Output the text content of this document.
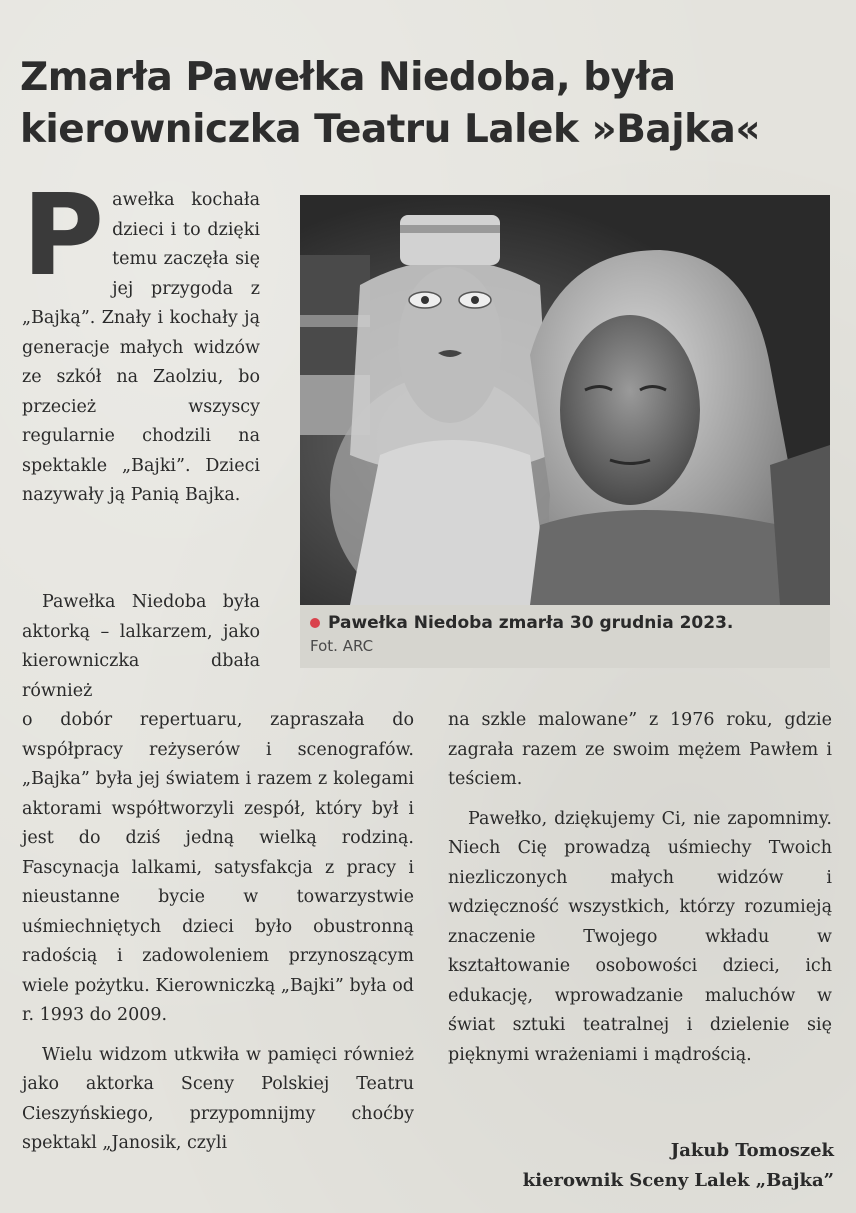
Zmarła Pawełka Niedoba, była
kierowniczka Teatru Lalek »Bajka«

Pawełka kochała dzieci i to dzięki temu zaczęła się jej przygoda z „Bajką”. Znały i kochały ją generacje małych widzów ze szkół na Zaolziu, bo przecież wszyscy regularnie chodzili na spektakle „Bajki”. Dzieci nazywały ją Panią Bajka.

Pawełka Niedoba była aktorką – lalkarzem, jako kierowniczka dbała również

Pawełka Niedoba zmarła 30 grudnia 2023.
Fot. ARC

o dobór repertuaru, zapraszała do współpracy reżyserów i scenografów. „Bajka” była jej światem i razem z kolegami aktorami współtworzyli zespół, który był i jest do dziś jedną wielką rodziną. Fascynacja lalkami, satysfakcja z pracy i nieustanne bycie w towarzystwie uśmiechniętych dzieci było obustronną radością i zadowoleniem przynoszącym wiele pożytku. Kierowniczką „Bajki” była od r. 1993 do 2009.

Wielu widzom utkwiła w pamięci również jako aktorka Sceny Polskiej Teatru Cieszyńskiego, przypomnijmy choćby spektakl „Janosik, czyli

na szkle malowane” z 1976 roku, gdzie zagrała razem ze swoim mężem Pawłem i teściem.

Pawełko, dziękujemy Ci, nie zapomnimy. Niech Cię prowadzą uśmiechy Twoich niezliczonych małych widzów i wdzięczność wszystkich, którzy rozumieją znaczenie Twojego wkładu w kształtowanie osobowości dzieci, ich edukację, wprowadzanie maluchów w świat sztuki teatralnej i dzielenie się pięknymi wrażeniami i mądrością.

Jakub Tomoszek
kierownik Sceny Lalek „Bajka”
